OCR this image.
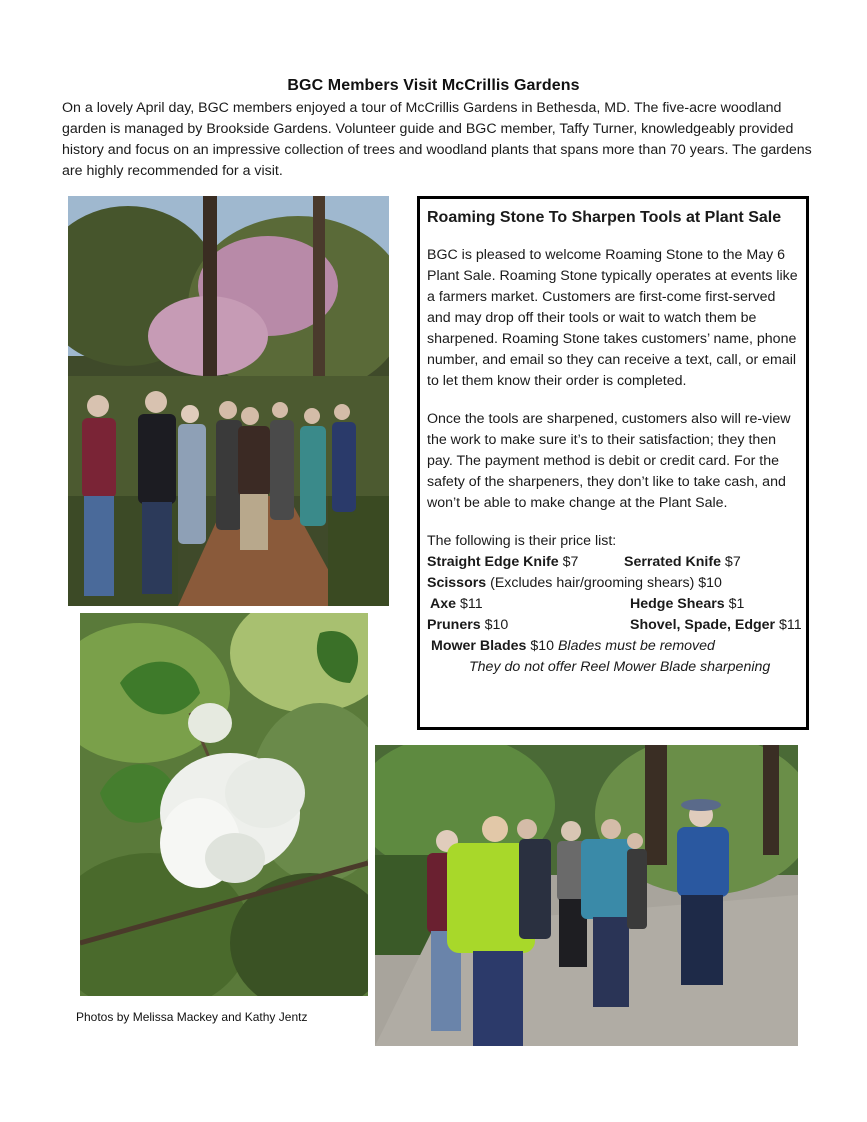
BGC Members Visit McCrillis Gardens
On a lovely April day, BGC members enjoyed a tour of McCrillis Gardens in Bethesda, MD. The five-acre woodland garden is managed by Brookside Gardens. Volunteer guide and BGC member, Taffy Turner, knowledgeably provided history and focus on an impressive collection of trees and woodland plants that spans more than 70 years. The gardens are highly recommended for a visit.
Roaming Stone To Sharpen Tools at Plant Sale

BGC is pleased to welcome Roaming Stone to the May 6 Plant Sale. Roaming Stone typically operates at events like a farmers market. Customers are first-come first-served and may drop off their tools or wait to watch them be sharpened. Roaming Stone takes customers’ name, phone number, and email so they can receive a text, call, or email to let them know their order is completed.

Once the tools are sharpened, customers also will re-view the work to make sure it’s to their satisfaction; they then pay. The payment method is debit or credit card. For the safety of the sharpeners, they don’t like to take cash, and won’t be able to make change at the Plant Sale.

The following is their price list:
Straight Edge Knife $7	Serrated Knife $7
Scissors (Excludes hair/grooming shears) $10
Axe $11	Hedge Shears $1
Pruners $10	Shovel, Spade, Edger $11
Mower Blades $10 Blades must be removed
They do not offer Reel Mower Blade sharpening
Photos by Melissa Mackey and Kathy Jentz
